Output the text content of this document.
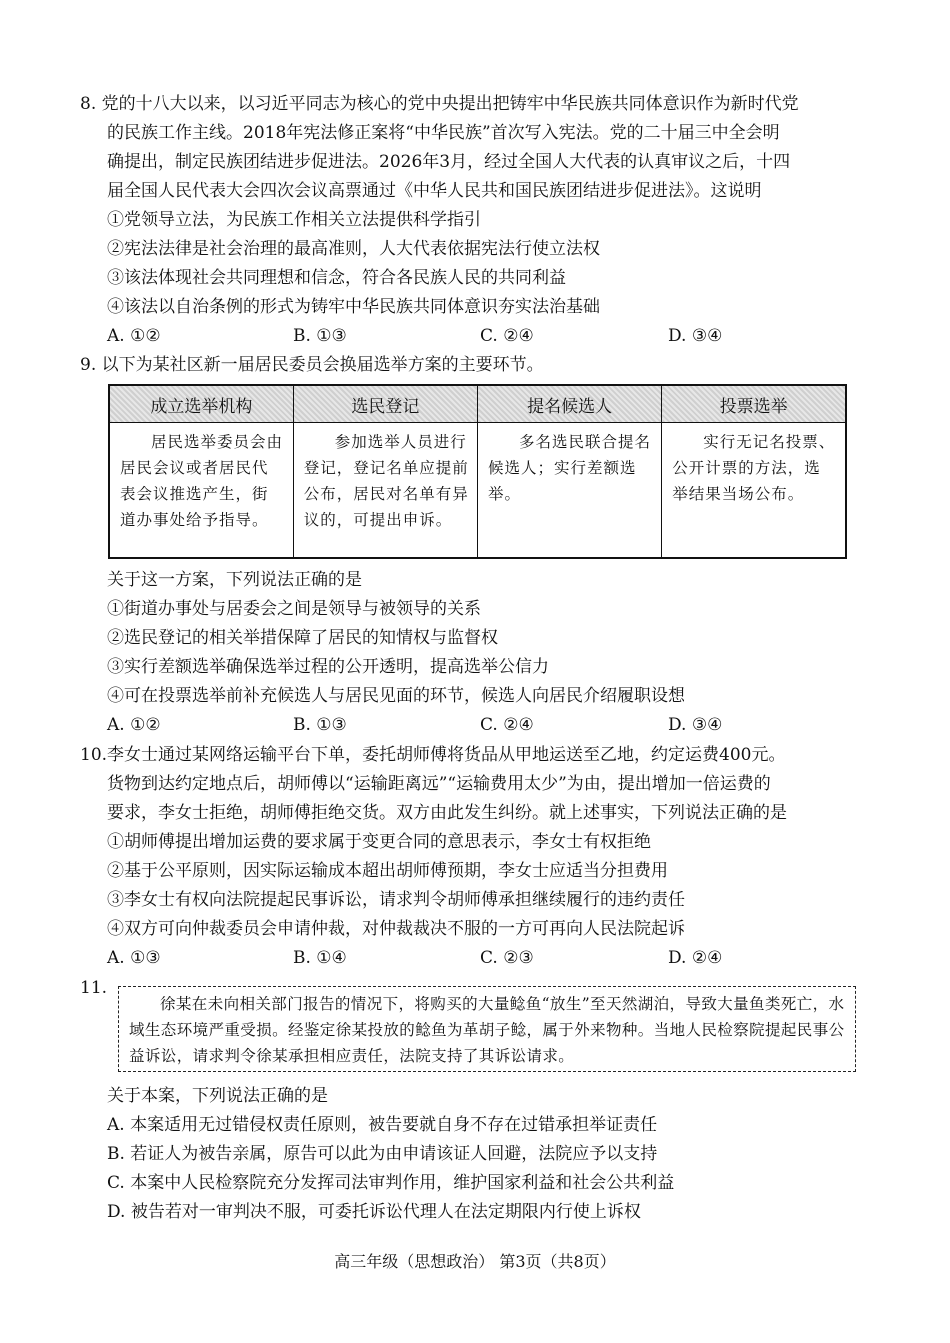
8. 党的十八大以来，以习近平同志为核心的党中央提出把铸牢中华民族共同体意识作为新时代党
的民族工作主线。2018年宪法修正案将“中华民族”首次写入宪法。党的二十届三中全会明
确提出，制定民族团结进步促进法。2026年3月，经过全国人大代表的认真审议之后，十四
届全国人民代表大会四次会议高票通过《中华人民共和国民族团结进步促进法》。这说明
①党领导立法，为民族工作相关立法提供科学指引
②宪法法律是社会治理的最高准则，人大代表依据宪法行使立法权
③该法体现社会共同理想和信念，符合各民族人民的共同利益
④该法以自治条例的形式为铸牢中华民族共同体意识夯实法治基础
A. ①②	B. ①③	C. ②④	D. ③④
9. 以下为某社区新一届居民委员会换届选举方案的主要环节。
成立选举机构	选民登记	提名候选人	投票选举
居民选举委员会由居民会议或者居民代表会议推选产生，街道办事处给予指导。	参加选举人员进行登记，登记名单应提前公布，居民对名单有异议的，可提出申诉。	多名选民联合提名候选人；实行差额选举。	实行无记名投票、公开计票的方法，选举结果当场公布。
关于这一方案，下列说法正确的是
①街道办事处与居委会之间是领导与被领导的关系
②选民登记的相关举措保障了居民的知情权与监督权
③实行差额选举确保选举过程的公开透明，提高选举公信力
④可在投票选举前补充候选人与居民见面的环节，候选人向居民介绍履职设想
A. ①②	B. ①③	C. ②④	D. ③④
10.李女士通过某网络运输平台下单，委托胡师傅将货品从甲地运送至乙地，约定运费400元。
货物到达约定地点后，胡师傅以“运输距离远”“运输费用太少”为由，提出增加一倍运费的
要求，李女士拒绝，胡师傅拒绝交货。双方由此发生纠纷。就上述事实，下列说法正确的是
①胡师傅提出增加运费的要求属于变更合同的意思表示，李女士有权拒绝
②基于公平原则，因实际运输成本超出胡师傅预期，李女士应适当分担费用
③李女士有权向法院提起民事诉讼，请求判令胡师傅承担继续履行的违约责任
④双方可向仲裁委员会申请仲裁，对仲裁裁决不服的一方可再向人民法院起诉
A. ①③	B. ①④	C. ②③	D. ②④
11.

徐某在未向相关部门报告的情况下，将购买的大量鲶鱼“放生”至天然湖泊，导致大量鱼类死亡，水域生态环境严重受损。经鉴定徐某投放的鲶鱼为革胡子鲶，属于外来物种。当地人民检察院提起民事公益诉讼，请求判令徐某承担相应责任，法院支持了其诉讼请求。

关于本案，下列说法正确的是
A. 本案适用无过错侵权责任原则，被告要就自身不存在过错承担举证责任
B. 若证人为被告亲属，原告可以此为由申请该证人回避，法院应予以支持
C. 本案中人民检察院充分发挥司法审判作用，维护国家利益和社会公共利益
D. 被告若对一审判决不服，可委托诉讼代理人在法定期限内行使上诉权
高三年级（思想政治） 第3页（共8页）
